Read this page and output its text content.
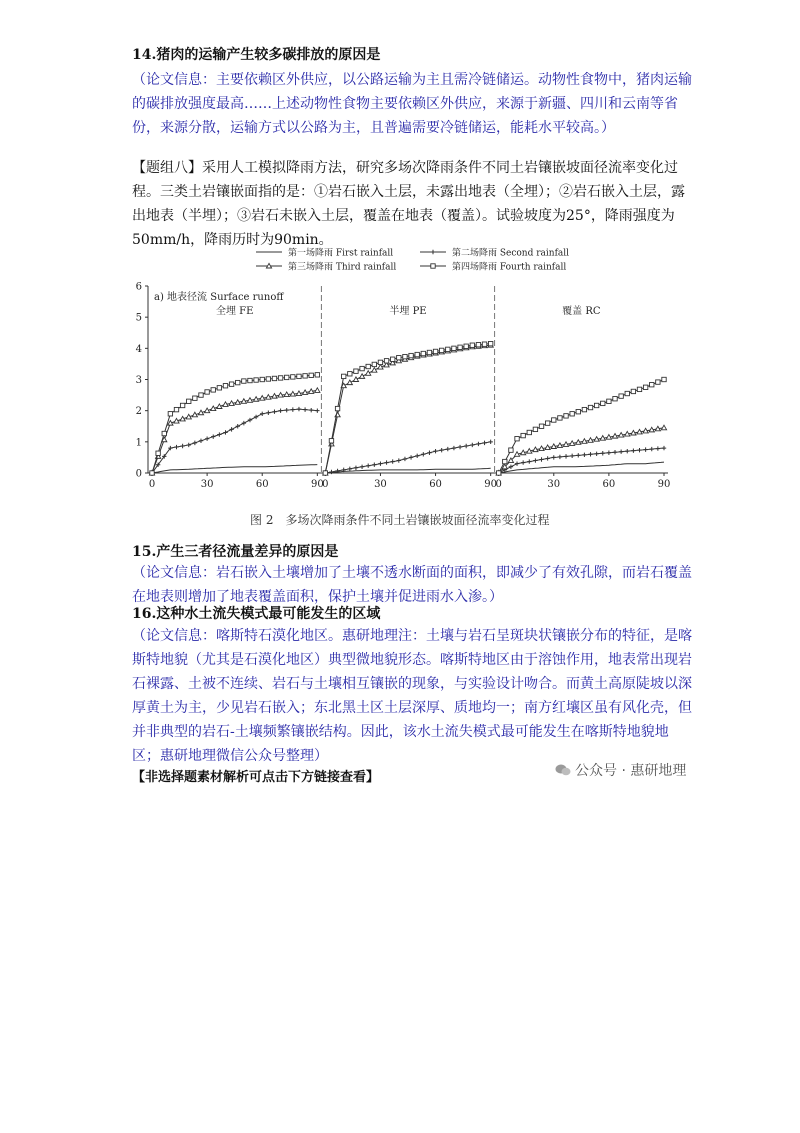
14.猪肉的运输产生较多碳排放的原因是
（论文信息：主要依赖区外供应，以公路运输为主且需冷链储运。动物性食物中，猪肉运输的碳排放强度最高……上述动物性食物主要依赖区外供应，来源于新疆、四川和云南等省份，来源分散，运输方式以公路为主，且普遍需要冷链储运，能耗水平较高。）
【题组八】采用人工模拟降雨方法，研究多场次降雨条件不同土岩镶嵌坡面径流率变化过程。三类土岩镶嵌面指的是：①岩石嵌入土层，未露出地表（全埋）；②岩石嵌入土层，露出地表（半埋）；③岩石未嵌入土层，覆盖在地表（覆盖）。试验坡度为25°，降雨强度为50mm/h，降雨历时为90min。
第一场降雨 First rainfall	第二场降雨 Second rainfall
第三场降雨 Third rainfall	第四场降雨 Fourth rainfall
0
1
2
3
4
5
6
0	30	60	90
0	30	60	90
0	30	60	90
a) 地表径流 Surface runoff
全埋 FE	半埋 PE	覆盖 RC
图 2　多场次降雨条件不同土岩镶嵌坡面径流率变化过程
15.产生三者径流量差异的原因是
（论文信息：岩石嵌入土壤增加了土壤不透水断面的面积，即减少了有效孔隙，而岩石覆盖在地表则增加了地表覆盖面积，保护土壤并促进雨水入渗。）
16.这种水土流失模式最可能发生的区域
（论文信息：喀斯特石漠化地区。惠研地理注：土壤与岩石呈斑块状镶嵌分布的特征，是喀斯特地貌（尤其是石漠化地区）典型微地貌形态。喀斯特地区由于溶蚀作用，地表常出现岩石裸露、土被不连续、岩石与土壤相互镶嵌的现象，与实验设计吻合。而黄土高原陡坡以深厚黄土为主，少见岩石嵌入；东北黑土区土层深厚、质地均一；南方红壤区虽有风化壳，但并非典型的岩石-土壤频繁镶嵌结构。因此，该水土流失模式最可能发生在喀斯特地貌地区；惠研地理微信公众号整理）
【非选择题素材解析可点击下方链接查看】	公众号 · 惠研地理
